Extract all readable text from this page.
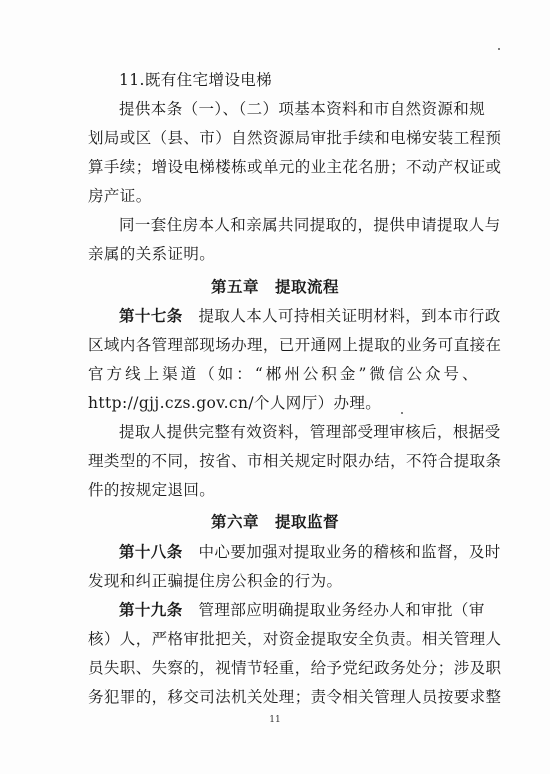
11.既有住宅增设电梯
提供本条（一）、（二）项基本资料和市自然资源和规
划局或区（县、市）自然资源局审批手续和电梯安装工程预
算手续；增设电梯楼栋或单元的业主花名册；不动产权证或
房产证。
同一套住房本人和亲属共同提取的，提供申请提取人与
亲属的关系证明。
第五章　提取流程
第十七条　 提取人本人可持相关证明材料，到本市行政
区域内各管理部现场办理，已开通网上提取的业务可直接在
官方线上渠道（如：“郴州公积金”微信公众号、
http://gjj.czs.gov.cn/个人网厅）办理。
提取人提供完整有效资料，管理部受理审核后，根据受
理类型的不同，按省、市相关规定时限办结，不符合提取条
件的按规定退回。
第六章　提取监督
第十八条　 中心要加强对提取业务的稽核和监督，及时
发现和纠正骗提住房公积金的行为。
第十九条　 管理部应明确提取业务经办人和审批（审
核）人，严格审批把关，对资金提取安全负责。相关管理人
员失职、失察的，视情节轻重，给予党纪政务处分；涉及职
务犯罪的，移交司法机关处理；责令相关管理人员按要求整
11
